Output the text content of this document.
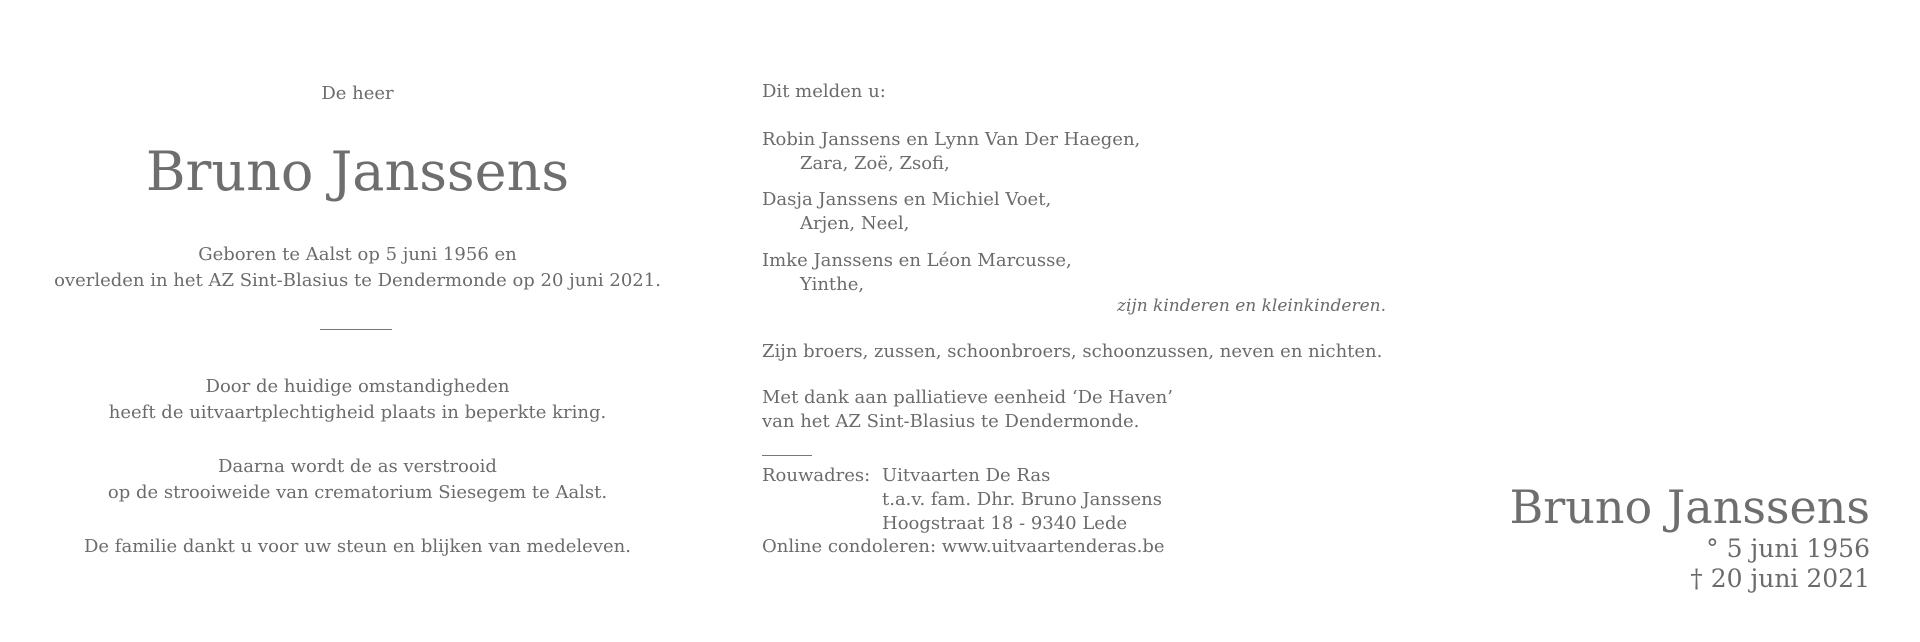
De heer
Bruno Janssens
Geboren te Aalst op 5 juni 1956 en
overleden in het AZ Sint-Blasius te Dendermonde op 20 juni 2021.
Door de huidige omstandigheden
heeft de uitvaartplechtigheid plaats in beperkte kring.
Daarna wordt de as verstrooid
op de strooiweide van crematorium Siesegem te Aalst.
De familie dankt u voor uw steun en blijken van medeleven.
Dit melden u:
Robin Janssens en Lynn Van Der Haegen,
Zara, Zoë, Zsofi,
Dasja Janssens en Michiel Voet,
Arjen, Neel,
Imke Janssens en Léon Marcusse,
Yinthe,
zijn kinderen en kleinkinderen.
Zijn broers, zussen, schoonbroers, schoonzussen, neven en nichten.
Met dank aan palliatieve eenheid ‘De Haven’
van het AZ Sint-Blasius te Dendermonde.
Rouwadres: Uitvaarten De Ras
t.a.v. fam. Dhr. Bruno Janssens
Hoogstraat 18 - 9340 Lede
Online condoleren: www.uitvaartenderas.be
Bruno Janssens
° 5 juni 1956
† 20 juni 2021
